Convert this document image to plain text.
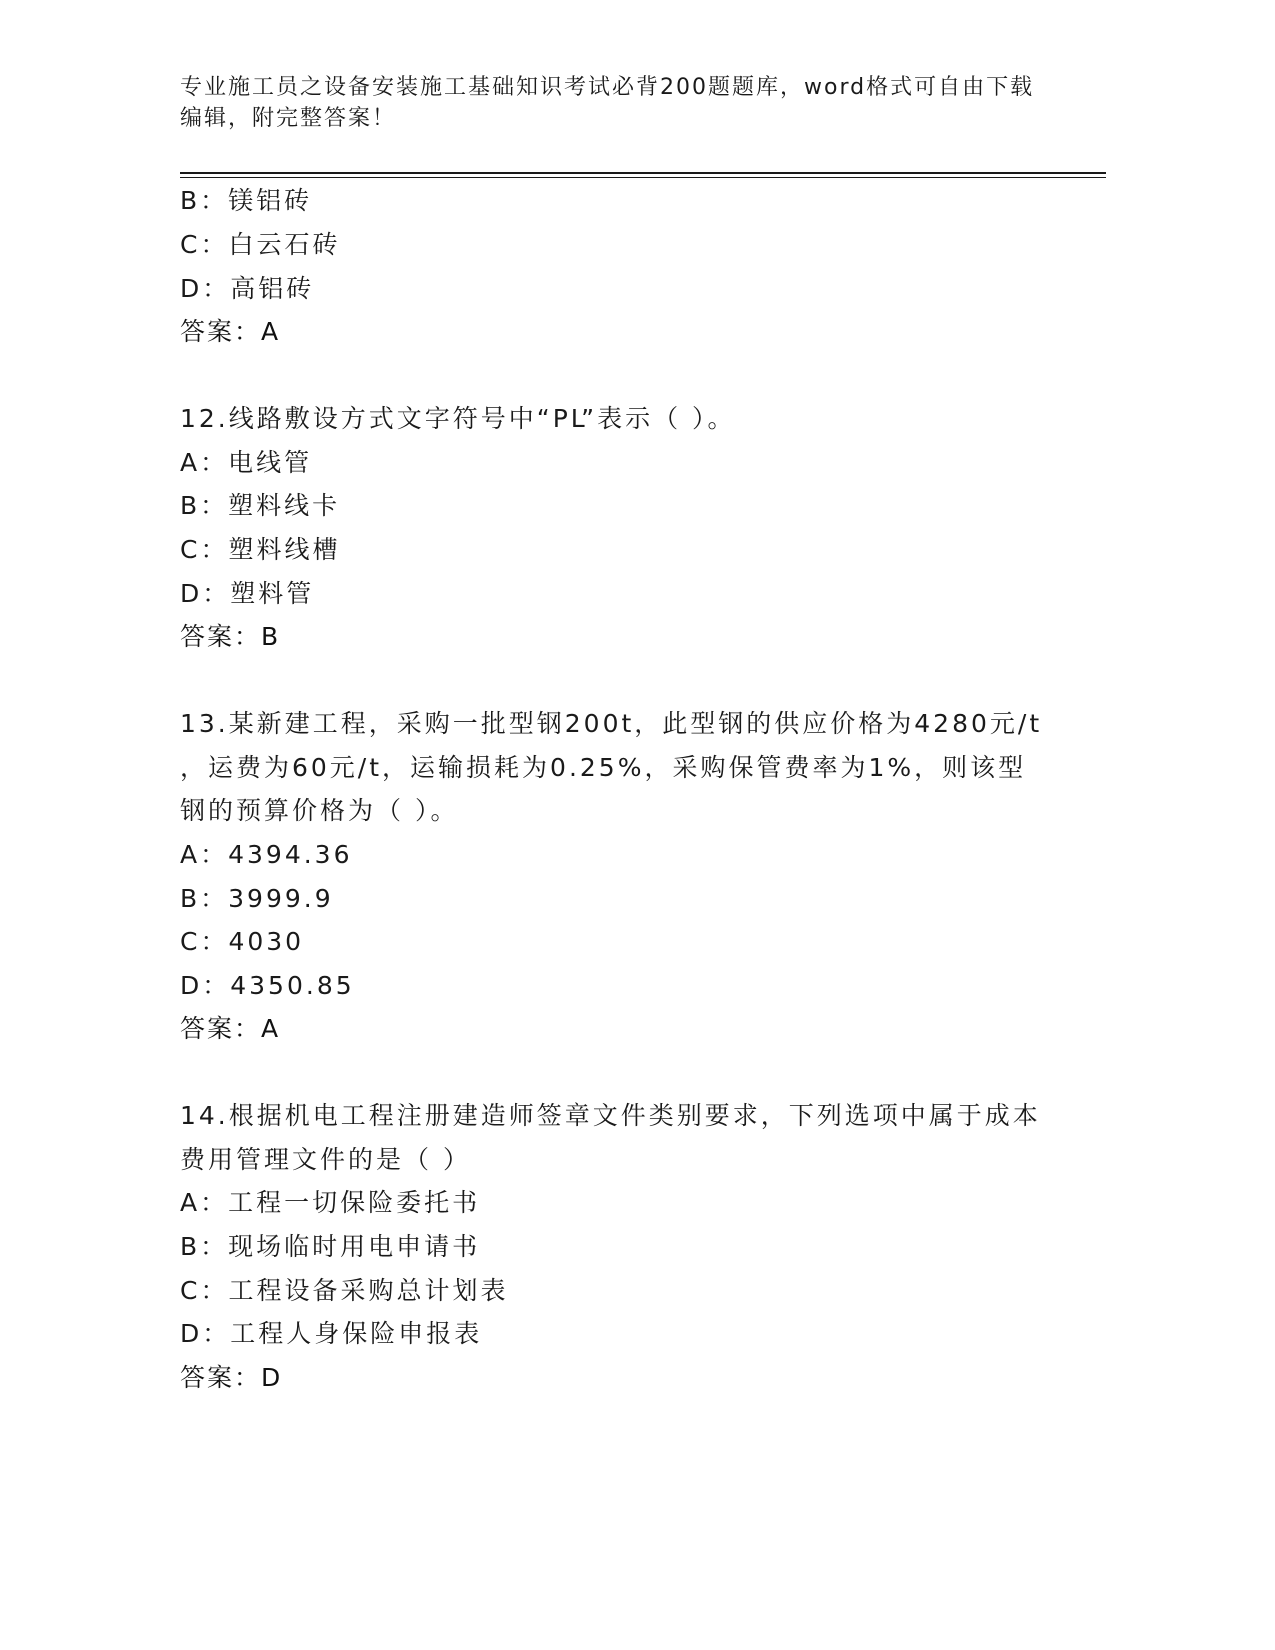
专业施工员之设备安装施工基础知识考试必背200题题库，word格式可自由下载
编辑，附完整答案！
B：镁铝砖
C：白云石砖
D：高铝砖
答案：A
12.线路敷设方式文字符号中“PL”表示（ ）。
A：电线管
B：塑料线卡
C：塑料线槽
D：塑料管
答案：B
13.某新建工程，采购一批型钢200t，此型钢的供应价格为4280元/t
，运费为60元/t，运输损耗为0.25%，采购保管费率为1%，则该型
钢的预算价格为（ ）。
A：4394.36
B：3999.9
C：4030
D：4350.85
答案：A
14.根据机电工程注册建造师签章文件类别要求，下列选项中属于成本
费用管理文件的是（ ）
A：工程一切保险委托书
B：现场临时用电申请书
C：工程设备采购总计划表
D：工程人身保险申报表
答案：D
